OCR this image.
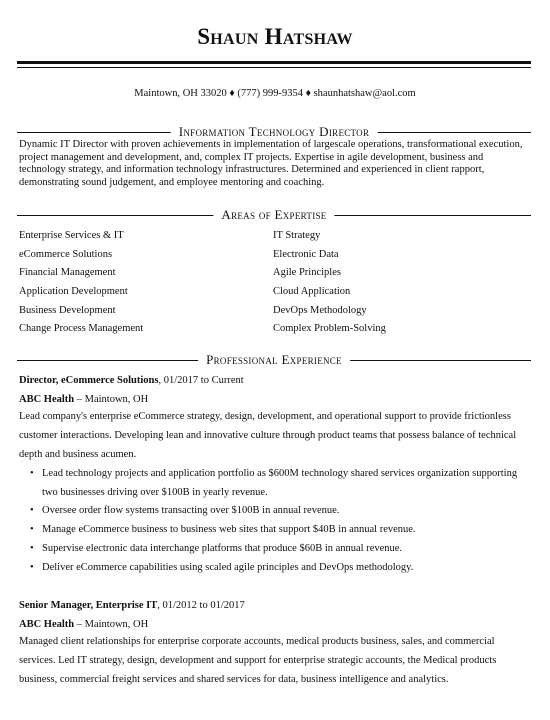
Shaun Hatshaw
Maintown, OH 33020 ♦ (777) 999-9354 ♦ shaunhatshaw@aol.com
Information Technology Director
Dynamic IT Director with proven achievements in implementation of largescale operations, transformational execution, project management and development, and, complex IT projects. Expertise in agile development, business and technology strategy, and information technology infrastructures. Determined and experienced in client rapport, demonstrating sound judgement, and employee mentoring and coaching.
Areas of Expertise
Enterprise Services & IT
eCommerce Solutions
Financial Management
Application Development
Business Development
Change Process Management
IT Strategy
Electronic Data
Agile Principles
Cloud Application
DevOps Methodology
Complex Problem-Solving
Professional Experience
Director, eCommerce Solutions, 01/2017 to Current
ABC Health – Maintown, OH
Lead company's enterprise eCommerce strategy, design, development, and operational support to provide frictionless customer interactions. Developing lean and innovative culture through product teams that possess balance of technical depth and business acumen.
• Lead technology projects and application portfolio as $600M technology shared services organization supporting two businesses driving over $100B in yearly revenue.
• Oversee order flow systems transacting over $100B in annual revenue.
• Manage eCommerce business to business web sites that support $40B in annual revenue.
• Supervise electronic data interchange platforms that produce $60B in annual revenue.
• Deliver eCommerce capabilities using scaled agile principles and DevOps methodology.
Senior Manager, Enterprise IT, 01/2012 to 01/2017
ABC Health – Maintown, OH
Managed client relationships for enterprise corporate accounts, medical products business, sales, and commercial services. Led IT strategy, design, development and support for enterprise strategic accounts, the Medical products business, commercial freight services and shared services for data, business intelligence and analytics.
